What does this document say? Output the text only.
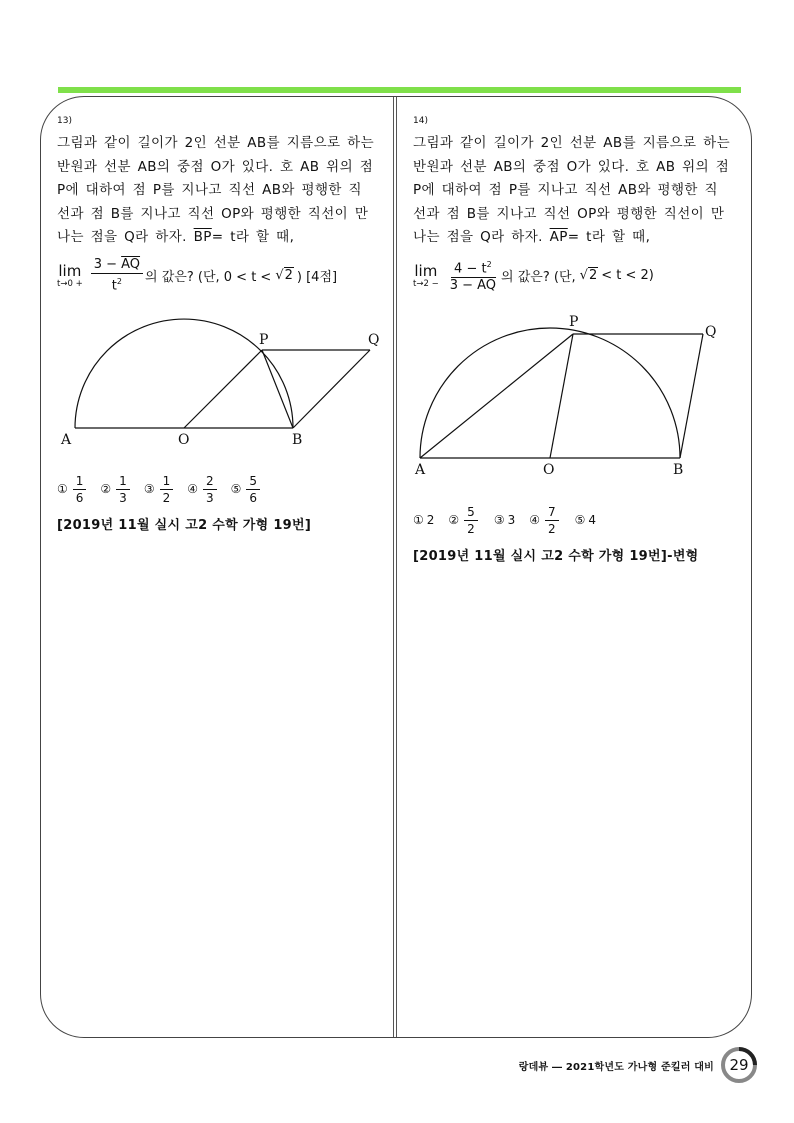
13)
그림과 같이 길이가 2인 선분 AB를 지름으로 하는
반원과 선분 AB의 중점 O가 있다. 호 AB 위의 점
P에 대하여 점 P를 지나고 직선 AB와 평행한 직
선과 점 B를 지나고 직선 OP와 평행한 직선이 만
나는 점을 Q라 하자. $\overline{BP}= t$라 할 때,
lim
$t\to 0 + \frac{3 - \overline{AQ}}{t^2}$ 의 값은? (단, 0 < t < √2 ) [4점]
A	O	B
P	Q
① $\frac{1}{6}$ ② $\frac{1}{3}$ ③ $\frac{1}{2}$ ④ $\frac{2}{3}$ ⑤ $\frac{5}{6}$
[2019년 11월 실시 고2 수학 가형 19번]
14)
그림과 같이 길이가 2인 선분 AB를 지름으로 하는
반원과 선분 AB의 중점 O가 있다. 호 AB 위의 점
P에 대하여 점 P를 지나고 직선 AB와 평행한 직
선과 점 B를 지나고 직선 OP와 평행한 직선이 만
나는 점을 Q라 하자. $\overline{AP}= t$라 할 때,
lim
$t\to 2 - \frac{4 - t^2}{3 - \overline{AQ}}$ 의 값은? (단, √2 < t < 2)
A	O	B
P
Q
① 2 ② $\frac{5}{2}$ ③ 3 ④ $\frac{7}{2}$ ⑤ 4
[2019년 11월 실시 고2 수학 가형 19번]-변형
랑데뷰 ― 2021학년도 가나형 준킬러 대비	29
